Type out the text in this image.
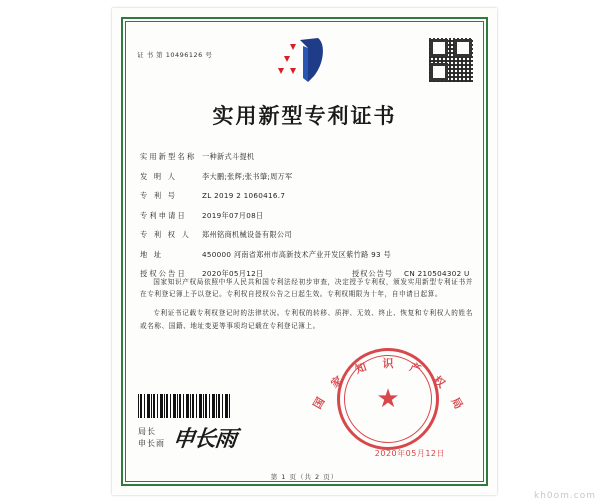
证 书 第 10496126 号
实用新型专利证书
实用新型名称 一种新式斗提机
发 明 人	李大鹏;张辉;张书肇;周万军
专 利 号	ZL 2019 2 1060416.7
专利申请日	2019年07月08日
专 利 权 人	郑州铭商机械设备有限公司
地 址	450000 河南省郑州市高新技术产业开发区紫竹路 93 号
授权公告日	2020年05月12日	授权公告号	CN 210504302 U

国家知识产权局依照中华人民共和国专利法经初步审查，决定授予专利权，颁发实用新型专利证书并在专利登记簿上予以登记。专利权自授权公告之日起生效。专利权期限为十年，自申请日起算。

专利证书记载专利权登记时的法律状况。专利权的转移、质押、无效、终止、恢复和专利权人的姓名或名称、国籍、地址变更等事项均记载在专利登记簿上。

局长
申长雨 申长雨
★
国
家
知 识 产
权
局
2020年05月12日
第 1 页（共 2 页）
kh0om.com
